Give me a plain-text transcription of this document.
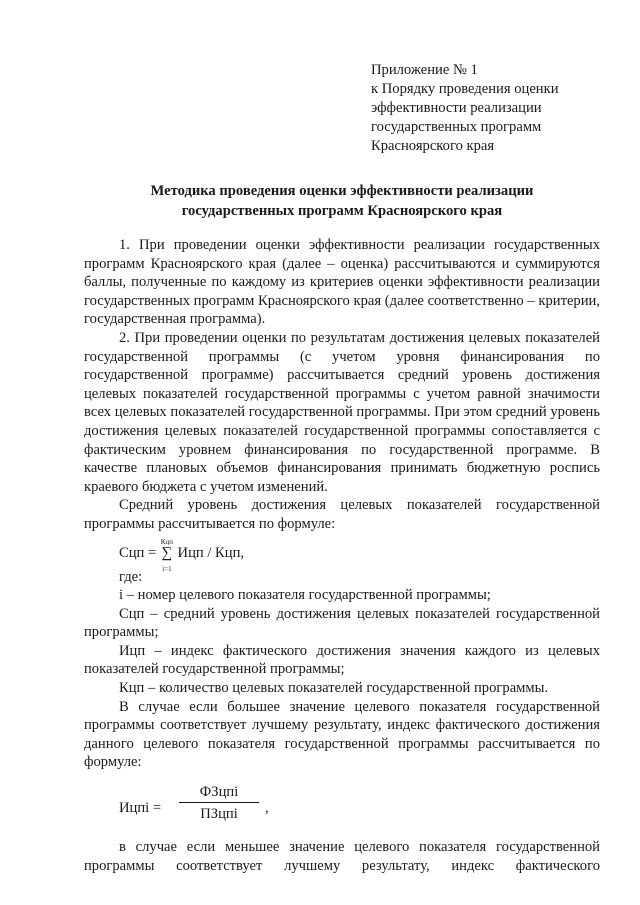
Приложение № 1
к Порядку проведения оценки
эффективности реализации
государственных программ
Красноярского края
Методика проведения оценки эффективности реализации
государственных программ Красноярского края

1. При проведении оценки эффективности реализации государственных программ Красноярского края (далее – оценка) рассчитываются и суммируются баллы, полученные по каждому из критериев оценки эффективности реализации государственных программ Красноярского края (далее соответственно – критерии, государственная программа).

2. При проведении оценки по результатам достижения целевых показателей государственной программы (с учетом уровня финансирования по государственной программе) рассчитывается средний уровень достижения целевых показателей государственной программы с учетом равной значимости всех целевых показателей государственной программы. При этом средний уровень достижения целевых показателей государственной программы сопоставляется с фактическим уровнем финансирования по государственной программе. В качестве плановых объемов финансирования принимать бюджетную роспись краевого бюджета с учетом изменений.

Средний уровень достижения целевых показателей государственной программы рассчитывается по формуле:

Сцп =
Кцп
∑
i=1
Ицп / Кцп,

где:

i – номер целевого показателя государственной программы;

Сцп – средний уровень достижения целевых показателей государственной программы;

Ицп – индекс фактического достижения значения каждого из целевых показателей государственной программы;

Кцп – количество целевых показателей государственной программы.

В случае если большее значение целевого показателя государственной программы соответствует лучшему результату, индекс фактического достижения данного целевого показателя государственной программы рассчитывается по формуле:

Ицпi =
ФЗцпi
ПЗцпi	,

в случае если меньшее значение целевого показателя государственной программы соответствует лучшему результату, индекс фактического
